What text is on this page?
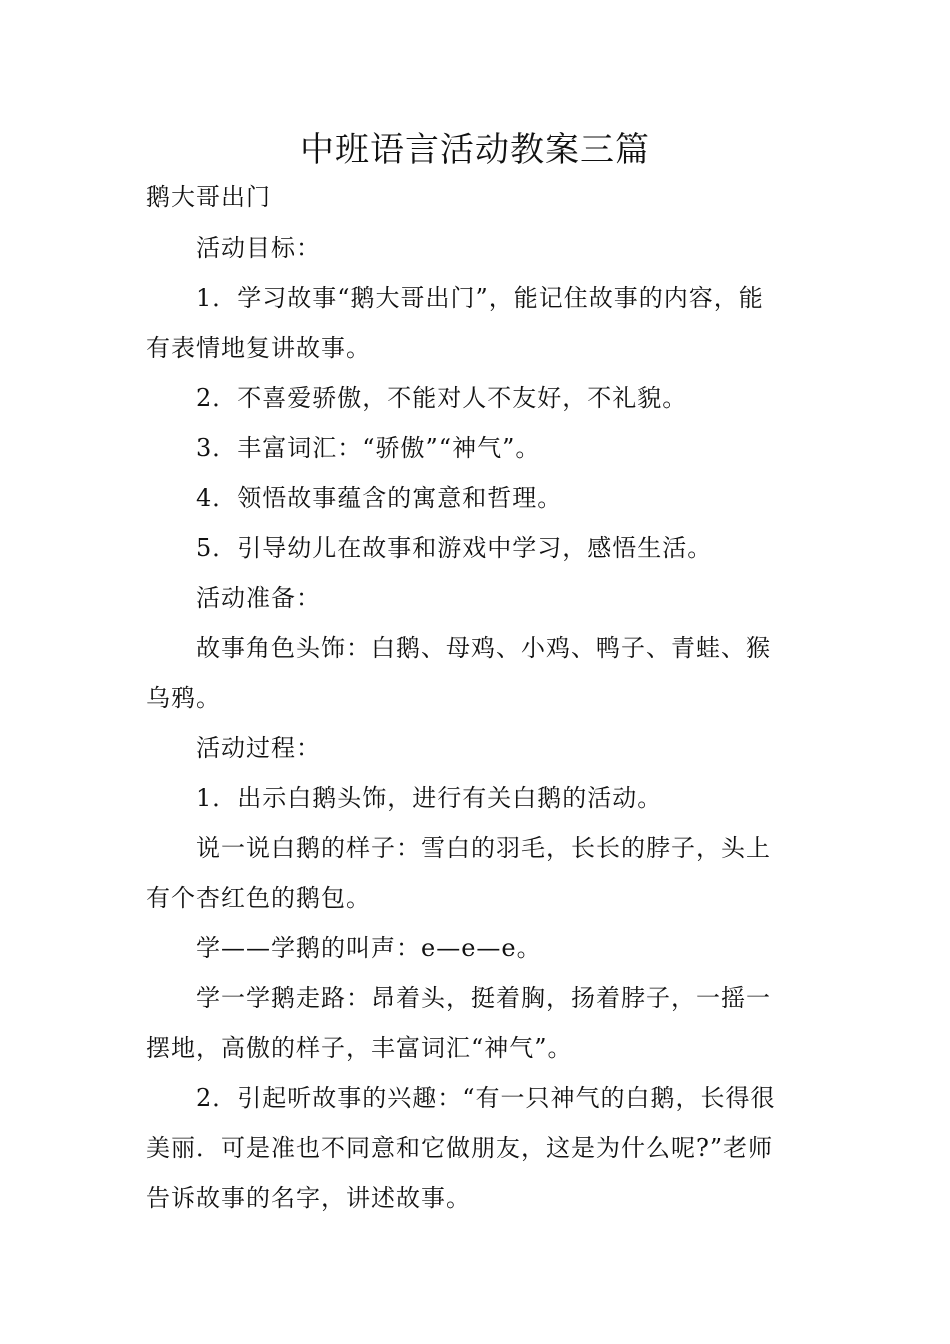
中班语言活动教案三篇

鹅大哥出门

活动目标：

1．学习故事“鹅大哥出门”，能记住故事的内容，能

有表情地复讲故事。

2．不喜爱骄傲，不能对人不友好，不礼貌。

3．丰富词汇：“骄傲”“神气”。

4．领悟故事蕴含的寓意和哲理。

5．引导幼儿在故事和游戏中学习，感悟生活。

活动准备：

故事角色头饰：白鹅、母鸡、小鸡、鸭子、青蛙、猴

乌鸦。

活动过程：

1．出示白鹅头饰，进行有关白鹅的活动。

说一说白鹅的样子：雪白的羽毛，长长的脖子，头上

有个杏红色的鹅包。

学——学鹅的叫声：e—e—e。

学一学鹅走路：昂着头，挺着胸，扬着脖子，一摇一

摆地，高傲的样子，丰富词汇“神气”。

2．引起听故事的兴趣：“有一只神气的白鹅，长得很

美丽．可是准也不同意和它做朋友，这是为什么呢?”老师

告诉故事的名字，讲述故事。
